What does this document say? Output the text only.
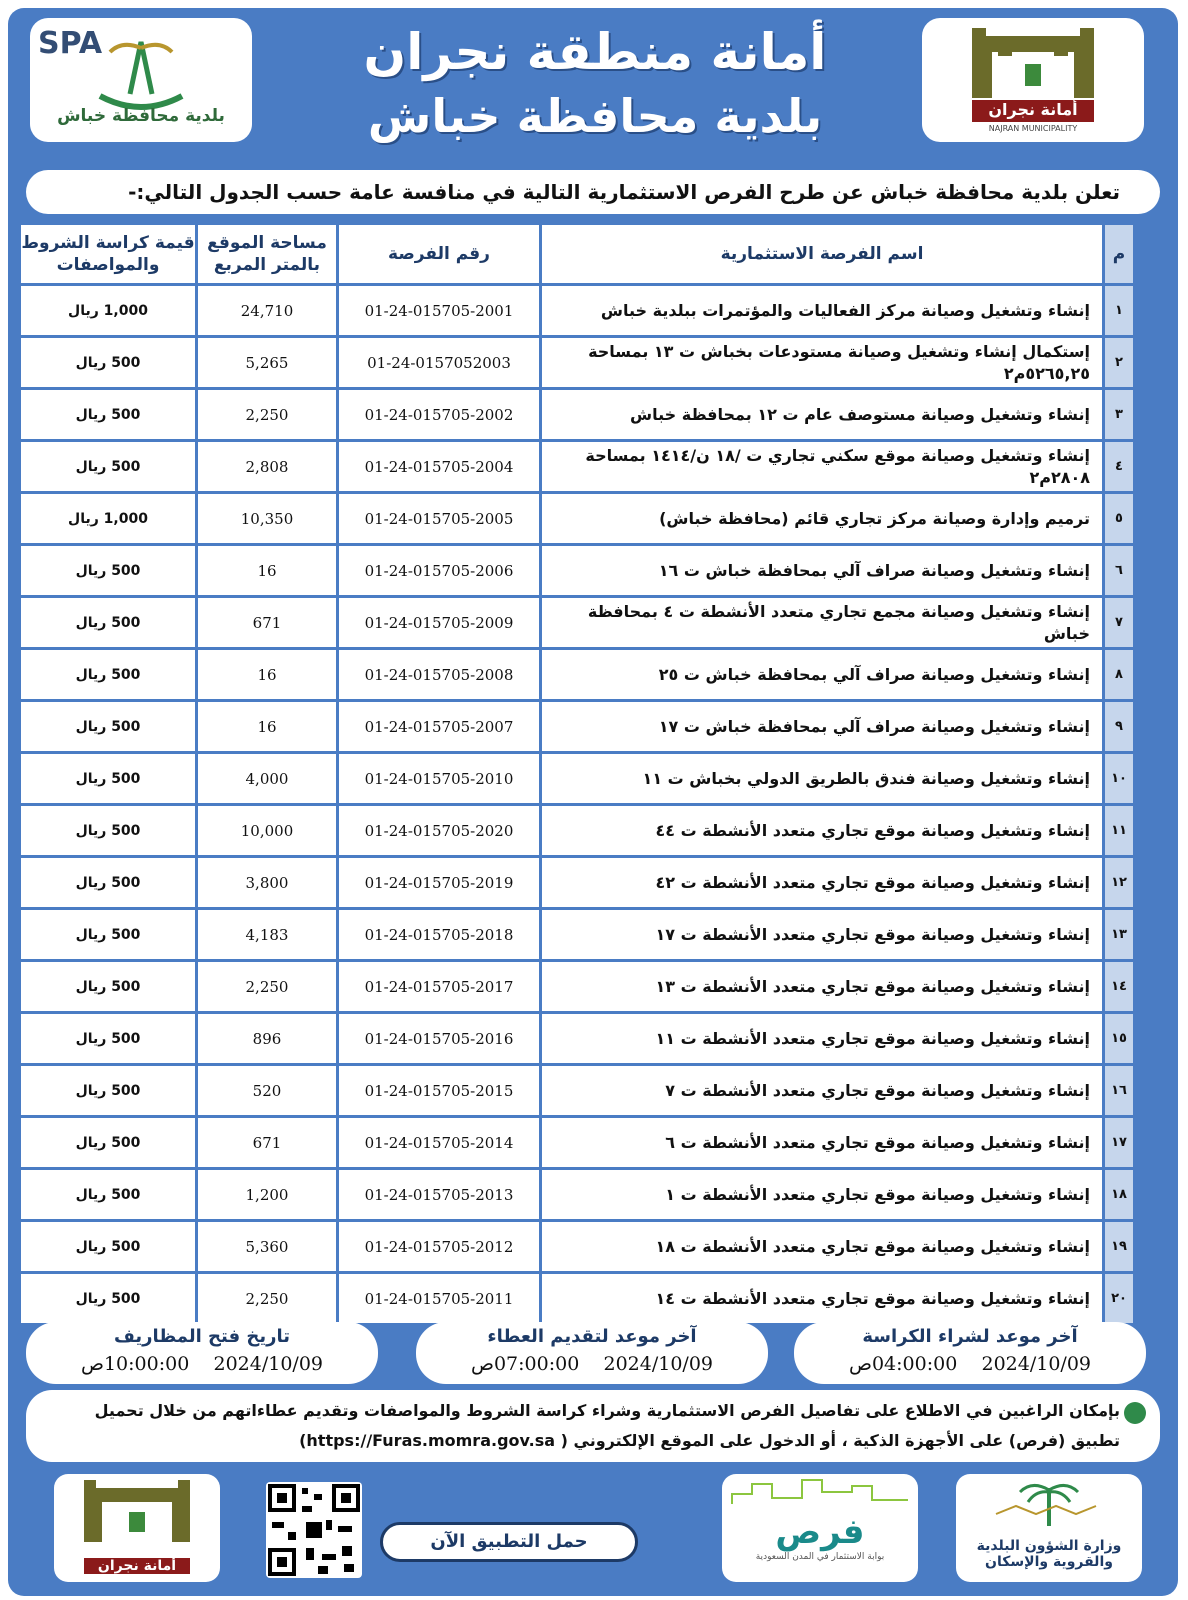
أمانة نجران
NAJRAN MUNICIPALITY
SPA
بلدية محافظة خباش
أمانة منطقة نجران
بلدية محافظة خباش
تعلن بلدية محافظة خباش عن طرح الفرص الاستثمارية التالية في منافسة عامة حسب الجدول التالي:-
م	اسم الفرصة الاستثمارية	رقم الفرصة	مساحة الموقع بالمتر المربع	قيمة كراسة الشروط والمواصفات
١	إنشاء وتشغيل وصيانة مركز الفعاليات والمؤتمرات ببلدية خباش	01-24-015705-2001	24,710	1,000 ريال
٢	إستكمال إنشاء وتشغيل وصيانة مستودعات بخباش ت ١٣ بمساحة ٥٢٦٥,٢٥م٢	01-24-0157052003	5,265	500 ريال
٣	إنشاء وتشغيل وصيانة مستوصف عام ت ١٢ بمحافظة خباش	01-24-015705-2002	2,250	500 ريال
٤	إنشاء وتشغيل وصيانة موقع سكني تجاري ت /١٨ ن/١٤١٤ بمساحة ٢٨٠٨م٢	01-24-015705-2004	2,808	500 ريال
٥	ترميم وإدارة وصيانة مركز تجاري قائم (محافظة خباش)	01-24-015705-2005	10,350	1,000 ريال
٦	إنشاء وتشغيل وصيانة صراف آلي بمحافظة خباش ت ١٦	01-24-015705-2006	16	500 ريال
٧	إنشاء وتشغيل وصيانة مجمع تجاري متعدد الأنشطة ت ٤ بمحافظة خباش	01-24-015705-2009	671	500 ريال
٨	إنشاء وتشغيل وصيانة صراف آلي بمحافظة خباش ت ٢٥	01-24-015705-2008	16	500 ريال
٩	إنشاء وتشغيل وصيانة صراف آلي بمحافظة خباش ت ١٧	01-24-015705-2007	16	500 ريال
١٠	إنشاء وتشغيل وصيانة فندق بالطريق الدولي بخباش ت ١١	01-24-015705-2010	4,000	500 ريال
١١	إنشاء وتشغيل وصيانة موقع تجاري متعدد الأنشطة ت ٤٤	01-24-015705-2020	10,000	500 ريال
١٢	إنشاء وتشغيل وصيانة موقع تجاري متعدد الأنشطة ت ٤٢	01-24-015705-2019	3,800	500 ريال
١٣	إنشاء وتشغيل وصيانة موقع تجاري متعدد الأنشطة ت ١٧	01-24-015705-2018	4,183	500 ريال
١٤	إنشاء وتشغيل وصيانة موقع تجاري متعدد الأنشطة ت ١٣	01-24-015705-2017	2,250	500 ريال
١٥	إنشاء وتشغيل وصيانة موقع تجاري متعدد الأنشطة ت ١١	01-24-015705-2016	896	500 ريال
١٦	إنشاء وتشغيل وصيانة موقع تجاري متعدد الأنشطة ت ٧	01-24-015705-2015	520	500 ريال
١٧	إنشاء وتشغيل وصيانة موقع تجاري متعدد الأنشطة ت ٦	01-24-015705-2014	671	500 ريال
١٨	إنشاء وتشغيل وصيانة موقع تجاري متعدد الأنشطة ت ١	01-24-015705-2013	1,200	500 ريال
١٩	إنشاء وتشغيل وصيانة موقع تجاري متعدد الأنشطة ت ١٨	01-24-015705-2012	5,360	500 ريال
٢٠	إنشاء وتشغيل وصيانة موقع تجاري متعدد الأنشطة ت ١٤	01-24-015705-2011	2,250	500 ريال
آخر موعد لشراء الكراسة
2024/10/09    04:00:00ص
آخر موعد لتقديم العطاء
2024/10/09    07:00:00ص
تاريخ فتح المظاريف
2024/10/09    10:00:00ص
بإمكان الراغبين في الاطلاع على تفاصيل الفرص الاستثمارية وشراء كراسة الشروط والمواصفات وتقديم عطاءاتهم من خلال تحميل
تطبيق (فرص) على الأجهزة الذكية ، أو الدخول على الموقع الإلكتروني ( https://Furas.momra.gov.sa)
وزارة الشؤون البلدية والقروية والإسكان
فرص
بوابة الاستثمار في المدن السعودية
حمل التطبيق الآن
أمانة نجران
